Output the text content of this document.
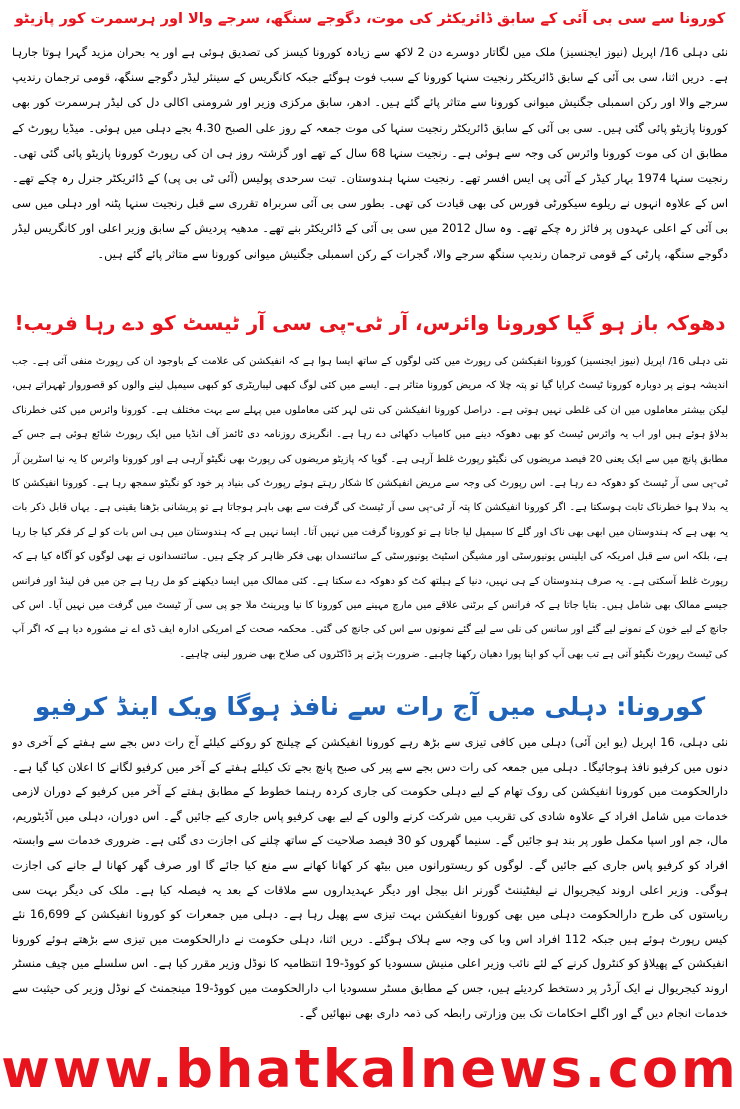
کورونا سے سی بی آئی کے سابق ڈائریکٹر کی موت، دگوجے سنگھ، سرجے والا اور ہرسمرت کور پازیٹو
نئی دہلی 16/ اپریل (نیوز ایجنسیز) ملک میں لگاتار دوسرے دن 2 لاکھ سے زیادہ کورونا کیسز کی تصدیق ہوئی ہے اور یہ بحران مزید گہرا ہوتا جارہا ہے۔ دریں اثنا، سی بی آئی کے سابق ڈائریکٹر رنجیت سنہا کورونا کے سبب فوت ہوگئے جبکہ کانگریس کے سینئر لیڈر دگوجے سنگھ، قومی ترجمان رندیپ سرجے والا اور رکن اسمبلی جگنیش میوانی کورونا سے متاثر پائے گئے ہیں۔ ادھر، سابق مرکزی وزیر اور شرومنی اکالی دل کی لیڈر ہرسمرت کور بھی کورونا پازیٹو پائی گئی ہیں۔ سی بی آئی کے سابق ڈائریکٹر رنجیت سنہا کی موت جمعہ کے روز علی الصبح 4.30 بجے دہلی میں ہوئی۔ میڈیا رپورٹ کے مطابق ان کی موت کورونا وائرس کی وجہ سے ہوئی ہے۔ رنجیت سنہا 68 سال کے تھے اور گزشتہ روز ہی ان کی رپورٹ کورونا پازیٹو پائی گئی تھی۔ رنجیت سنہا 1974 بہار کیڈر کے آئی پی ایس افسر تھے۔ رنجیت سنہا ہندوستان۔ تبت سرحدی پولیس (آئی ٹی بی پی) کے ڈائریکٹر جنرل رہ چکے تھے۔ اس کے علاوہ انہوں نے ریلوے سیکورٹی فورس کی بھی قیادت کی تھی۔ بطور سی بی آئی سربراہ تقرری سے قبل رنجیت سنہا پٹنہ اور دہلی میں سی بی آئی کے اعلی عہدوں پر فائز رہ چکے تھے۔ وہ سال 2012 میں سی بی آئی کے ڈائریکٹر بنے تھے۔ مدھیہ پردیش کے سابق وزیر اعلی اور کانگریس لیڈر دگوجے سنگھ، پارٹی کے قومی ترجمان رندیپ سنگھ سرجے والا، گجرات کے رکن اسمبلی جگنیش میوانی کورونا سے متاثر پائے گئے ہیں۔
دھوکہ باز ہو گیا کورونا وائرس، آر ٹی-پی سی آر ٹیسٹ کو دے رہا فریب!
نئی دہلی 16/ اپریل (نیوز ایجنسیز) کورونا انفیکشن کی رپورٹ میں کئی لوگوں کے ساتھ ایسا ہوا ہے کہ انفیکشن کی علامت کے باوجود ان کی رپورٹ منفی آئی ہے۔ جب اندیشہ ہونے پر دوبارہ کورونا ٹیسٹ کرایا گیا تو پتہ چلا کہ مریض کورونا متاثر ہے۔ ایسے میں کئی لوگ کبھی لیباریٹری کو کبھی سیمپل لینے والوں کو قصوروار ٹھہراتے ہیں، لیکن بیشتر معاملوں میں ان کی غلطی نہیں ہوتی ہے۔ دراصل کورونا انفیکشن کی نئی لہر کئی معاملوں میں پہلے سے بہت مختلف ہے۔ کورونا وائرس میں کئی خطرناک بدلاؤ ہوئے ہیں اور اب یہ وائرس ٹیسٹ کو بھی دھوکہ دینے میں کامیاب دکھائی دے رہا ہے۔ انگریزی روزنامہ دی ٹائمز آف انڈیا میں ایک رپورٹ شائع ہوئی ہے جس کے مطابق پانچ میں سے ایک یعنی 20 فیصد مریضوں کی نگیٹو رپورٹ غلط آرہی ہے۔ گویا کہ پازیٹو مریضوں کی رپورٹ بھی نگیٹو آرہی ہے اور کورونا وائرس کا یہ نیا اسٹرین آر ٹی-پی سی آر ٹیسٹ کو دھوکہ دے رہا ہے۔ اس رپورٹ کی وجہ سے مریض انفیکشن کا شکار رہتے ہوئے رپورٹ کی بنیاد پر خود کو نگیٹو سمجھ رہا ہے۔ کورونا انفیکشن کا یہ بدلا ہوا خطرناک ثابت ہوسکتا ہے۔ اگر کورونا انفیکشن کا پتہ آر ٹی-پی سی آر ٹیسٹ کی گرفت سے بھی باہر ہوجاتا ہے تو پریشانی بڑھنا یقینی ہے۔ یہاں قابل ذکر بات یہ بھی ہے کہ ہندوستان میں ابھی بھی ناک اور گلے کا سیمپل لیا جاتا ہے تو کورونا گرفت میں نہیں آتا۔ ایسا نہیں ہے کہ ہندوستان میں ہی اس بات کو لے کر فکر کیا جا رہا ہے، بلکہ اس سے قبل امریکہ کی ایلینس یونیورسٹی اور مشیگن اسٹیٹ یونیورسٹی کے سائنسداں بھی فکر ظاہر کر چکے ہیں۔ سائنسدانوں نے بھی لوگوں کو آگاہ کیا ہے کہ رپورٹ غلط آسکتی ہے۔ یہ صرف ہندوستان کے ہی نہیں، دنیا کے ہیلتھ کٹ کو دھوکہ دے سکتا ہے۔ کئی ممالک میں ایسا دیکھنے کو مل رہا ہے جن میں فن لینڈ اور فرانس جیسے ممالک بھی شامل ہیں۔ بتایا جاتا ہے کہ فرانس کے برٹنی علاقے میں مارچ مہینے میں کورونا کا نیا ویرینٹ ملا جو پی سی آر ٹیسٹ میں گرفت میں نہیں آیا۔ اس کی جانچ کے لیے خون کے نمونے لیے گئے اور سانس کی نلی سے لیے گئے نمونوں سے اس کی جانچ کی گئی۔ محکمہ صحت کے امریکی ادارہ ایف ڈی اے نے مشورہ دیا ہے کہ اگر آپ کی ٹیسٹ رپورٹ نگیٹو آتی ہے تب بھی آپ کو اپنا پورا دھیان رکھنا چاہیے۔ ضرورت پڑنے پر ڈاکٹروں کی صلاح بھی ضرور لینی چاہیے۔
کورونا: دہلی میں آج رات سے نافذ ہوگا ویک اینڈ کرفیو
نئی دہلی، 16 اپریل (یو این آئی) دہلی میں کافی تیزی سے بڑھ رہے کورونا انفیکشن کے چیلنج کو روکنے کیلئے آج رات دس بجے سے ہفتے کے آخری دو دنوں میں کرفیو نافذ ہوجائیگا۔ دہلی میں جمعہ کی رات دس بجے سے پیر کی صبح پانچ بجے تک کیلئے ہفتے کے آخر میں کرفیو لگانے کا اعلان کیا گیا ہے۔ دارالحکومت میں کورونا انفیکشن کی روک تھام کے لیے دہلی حکومت کی جاری کردہ رہنما خطوط کے مطابق ہفتے کے آخر میں کرفیو کے دوران لازمی خدمات میں شامل افراد کے علاوہ شادی کی تقریب میں شرکت کرنے والوں کے لیے بھی کرفیو پاس جاری کیے جائیں گے۔ اس دوران، دہلی میں آڈیٹوریم، مال، جم اور اسپا مکمل طور پر بند ہو جائیں گے۔ سنیما گھروں کو 30 فیصد صلاحیت کے ساتھ چلنے کی اجازت دی گئی ہے۔ ضروری خدمات سے وابستہ افراد کو کرفیو پاس جاری کیے جائیں گے۔ لوگوں کو ریستورانوں میں بیٹھ کر کھانا کھانے سے منع کیا جائے گا اور صرف گھر کھانا لے جانے کی اجازت ہوگی۔ وزیر اعلی اروند کیجریوال نے لیفٹیننٹ گورنر انل بیجل اور دیگر عہدیداروں سے ملاقات کے بعد یہ فیصلہ کیا ہے۔ ملک کی دیگر بہت سی ریاستوں کی طرح دارالحکومت دہلی میں بھی کورونا انفیکشن بہت تیزی سے پھیل رہا ہے۔ دہلی میں جمعرات کو کورونا انفیکشن کے 16,699 نئے کیس رپورٹ ہوئے ہیں جبکہ 112 افراد اس وبا کی وجہ سے ہلاک ہوگئے۔ دریں اثنا، دہلی حکومت نے دارالحکومت میں تیزی سے بڑھتے ہوئے کورونا انفیکشن کے پھیلاؤ کو کنٹرول کرنے کے لئے نائب وزیر اعلی منیش سسودیا کو کووڈ-19 انتظامیہ کا نوڈل وزیر مقرر کیا ہے۔ اس سلسلے میں چیف منسٹر اروند کیجریوال نے ایک آرڈر پر دستخط کردیئے ہیں، جس کے مطابق مسٹر سسودیا اب دارالحکومت میں کووڈ-19 مینجمنٹ کے نوڈل وزیر کی حیثیت سے خدمات انجام دیں گے اور اگلے احکامات تک بین وزارتی رابطہ کی ذمہ داری بھی نبھائیں گے۔
www.bhatkalnews.com
